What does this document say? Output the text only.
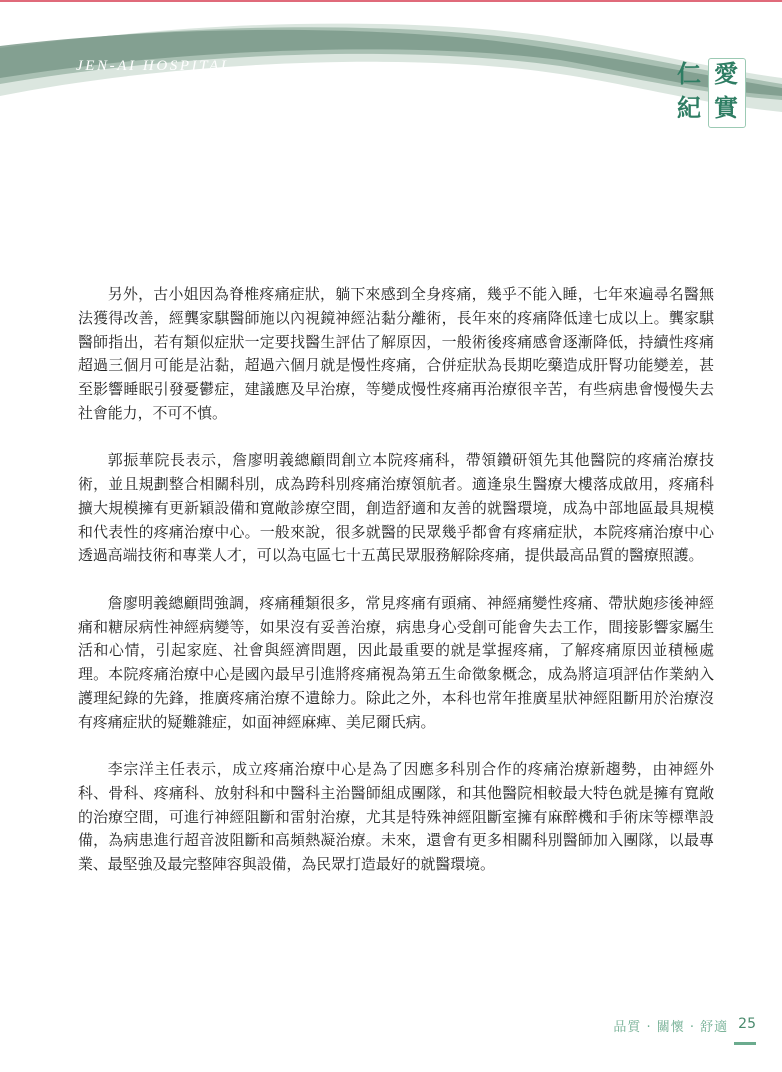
JEN-AI HOSPITAL	仁 愛
紀 實

另外，古小姐因為脊椎疼痛症狀，躺下來感到全身疼痛，幾乎不能入睡，七年來遍尋名醫無法獲得改善，經龔家騏醫師施以內視鏡神經沾黏分離術，長年來的疼痛降低達七成以上。龔家騏醫師指出，若有類似症狀一定要找醫生評估了解原因，一般術後疼痛感會逐漸降低，持續性疼痛超過三個月可能是沾黏，超過六個月就是慢性疼痛，合併症狀為長期吃藥造成肝腎功能變差，甚至影響睡眠引發憂鬱症，建議應及早治療，等變成慢性疼痛再治療很辛苦，有些病患會慢慢失去社會能力，不可不慎。

郭振華院長表示，詹廖明義總顧問創立本院疼痛科，帶領鑽研領先其他醫院的疼痛治療技術，並且規劃整合相關科別，成為跨科別疼痛治療領航者。適逢泉生醫療大樓落成啟用，疼痛科擴大規模擁有更新穎設備和寬敞診療空間，創造舒適和友善的就醫環境，成為中部地區最具規模和代表性的疼痛治療中心。一般來說，很多就醫的民眾幾乎都會有疼痛症狀，本院疼痛治療中心透過高端技術和專業人才，可以為屯區七十五萬民眾服務解除疼痛，提供最高品質的醫療照護。

詹廖明義總顧問強調，疼痛種類很多，常見疼痛有頭痛、神經痛變性疼痛、帶狀皰疹後神經痛和糖尿病性神經病變等，如果沒有妥善治療，病患身心受創可能會失去工作，間接影響家屬生活和心情，引起家庭、社會與經濟問題，因此最重要的就是掌握疼痛，了解疼痛原因並積極處理。本院疼痛治療中心是國內最早引進將疼痛視為第五生命徵象概念，成為將這項評估作業納入護理紀錄的先鋒，推廣疼痛治療不遺餘力。除此之外，本科也常年推廣星狀神經阻斷用於治療沒有疼痛症狀的疑難雜症，如面神經麻痺、美尼爾氏病。

李宗洋主任表示，成立疼痛治療中心是為了因應多科別合作的疼痛治療新趨勢，由神經外科、骨科、疼痛科、放射科和中醫科主治醫師組成團隊，和其他醫院相較最大特色就是擁有寬敞的治療空間，可進行神經阻斷和雷射治療，尤其是特殊神經阻斷室擁有麻醉機和手術床等標準設備，為病患進行超音波阻斷和高頻熱凝治療。未來，還會有更多相關科別醫師加入團隊，以最專業、最堅強及最完整陣容與設備，為民眾打造最好的就醫環境。

品質 · 關懷 · 舒適 25
